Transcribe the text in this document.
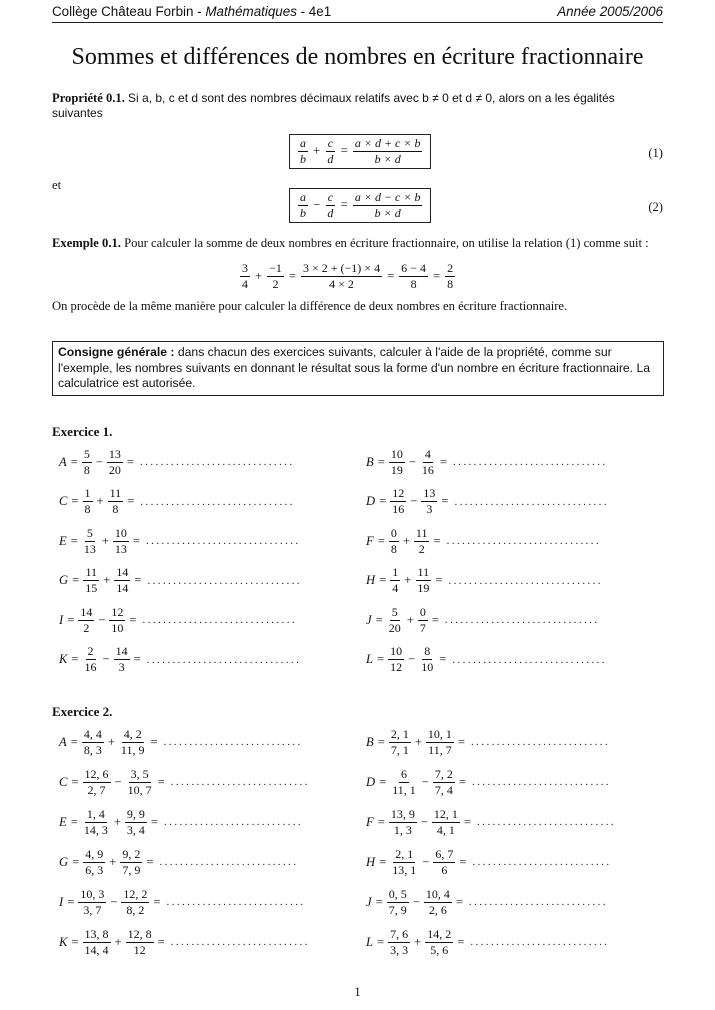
Collège Château Forbin - Mathématiques - 4e1	Année 2005/2006
Sommes et différences de nombres en écriture fractionnaire
Propriété 0.1. Si a, b, c et d sont des nombres décimaux relatifs avec b ≠ 0 et d ≠ 0, alors on a les égalités suivantes
$\frac{a}{b} + \frac{c}{d} = \frac{a \times d + c \times b}{b \times d}$	(1)
et
$\frac{a}{b} - \frac{c}{d} = \frac{a \times d - c \times b}{b \times d}$	(2)
Exemple 0.1. Pour calculer la somme de deux nombres en écriture fractionnaire, on utilise la relation (1) comme suit :
$\frac{3}{4} + \frac{-1}{2} = \frac{3 \times 2 + (-1) \times 4}{4 \times 2} = \frac{6 - 4}{8} = \frac{2}{8}$
On procède de la même manière pour calculer la différence de deux nombres en écriture fractionnaire.
Consigne générale : dans chacun des exercices suivants, calculer à l'aide de la propriété, comme sur l'exemple, les nombres suivants en donnant le résultat sous la forme d'un nombre en écriture fractionnaire. La calculatrice est autorisée.
Exercice 1.
$A = \frac{5}{8} - \frac{13}{20}$ = ..............................	$B = \frac{10}{19} - \frac{4}{16}$ = ..............................
$C = \frac{1}{8} + \frac{11}{8}$ = ..............................	$D = \frac{12}{16} - \frac{13}{3}$ = ..............................
$E = \frac{5}{13} + \frac{10}{13}$ = ..............................	$F = \frac{0}{8} + \frac{11}{2}$ = ..............................
$G = \frac{11}{15} + \frac{14}{14}$ = ..............................	$H = \frac{1}{4} + \frac{11}{19}$ = ..............................
$I = \frac{14}{2} - \frac{12}{10}$ = ..............................	$J = \frac{5}{20} + \frac{0}{7}$ = ..............................
$K = \frac{2}{16} - \frac{14}{3}$ = ..............................	$L = \frac{10}{12} - \frac{8}{10}$ = ..............................
Exercice 2.
$A = \frac{4, 4}{8, 3} + \frac{4, 2}{11, 9}$ = ...........................	$B = \frac{2, 1}{7, 1} + \frac{10, 1}{11, 7}$ = ...........................
$C = \frac{12, 6}{2, 7} - \frac{3, 5}{10, 7}$ = ...........................	$D = \frac{6}{11, 1} - \frac{7, 2}{7, 4}$ = ...........................
$E = \frac{1, 4}{14, 3} + \frac{9, 9}{3, 4}$ = ...........................	$F = \frac{13, 9}{1, 3} - \frac{12, 1}{4, 1}$ = ...........................
$G = \frac{4, 9}{6, 3} + \frac{9, 2}{7, 9}$ = ...........................	$H = \frac{2, 1}{13, 1} - \frac{6, 7}{6}$ = ...........................
$I = \frac{10, 3}{3, 7} - \frac{12, 2}{8, 2}$ = ...........................	$J = \frac{0, 5}{7, 9} - \frac{10, 4}{2, 6}$ = ...........................
$K = \frac{13, 8}{14, 4} + \frac{12, 8}{12}$ = ...........................	$L = \frac{7, 6}{3, 3} + \frac{14, 2}{5, 6}$ = ...........................
1
